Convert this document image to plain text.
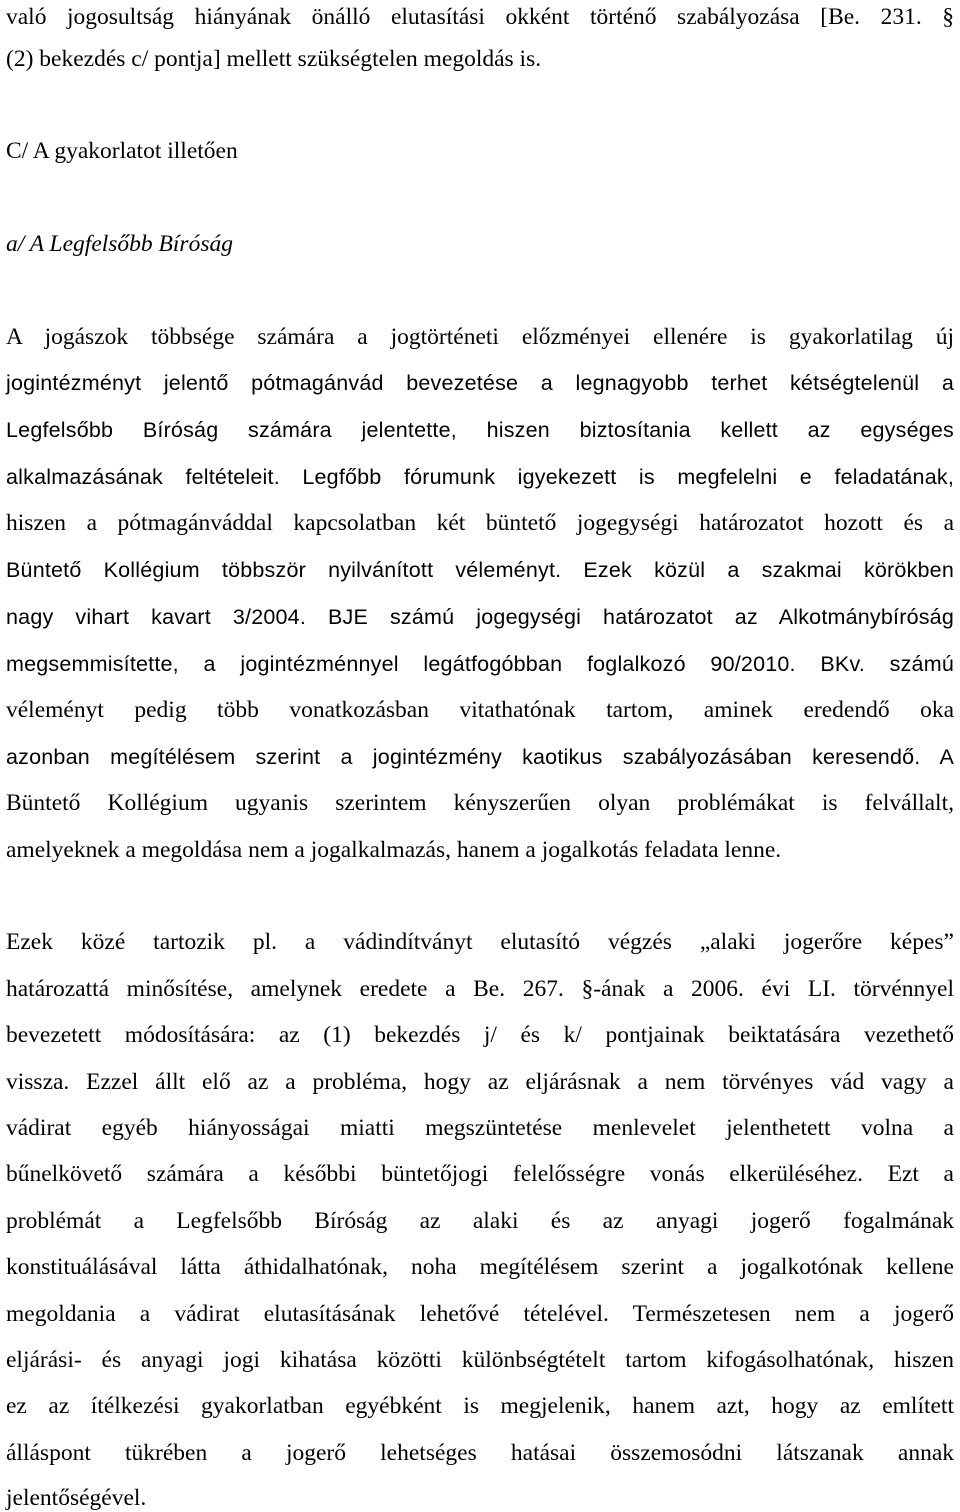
való jogosultság hiányának önálló elutasítási okként történő szabályozása [Be. 231. §
(2) bekezdés c/ pontja] mellett szükségtelen megoldás is.
C/ A gyakorlatot illetően
a/ A Legfelsőbb Bíróság
A jogászok többsége számára a jogtörténeti előzményei ellenére is gyakorlatilag új
jogintézményt jelentő pótmagánvád bevezetése a legnagyobb terhet kétségtelenül a
Legfelsőbb Bíróság számára jelentette, hiszen biztosítania kellett az egységes
alkalmazásának feltételeit. Legfőbb fórumunk igyekezett is megfelelni e feladatának,
hiszen a pótmagánváddal kapcsolatban két büntető jogegységi határozatot hozott és a
Büntető Kollégium többször nyilvánított véleményt. Ezek közül a szakmai körökben
nagy vihart kavart 3/2004. BJE számú jogegységi határozatot az Alkotmánybíróság
megsemmisítette, a jogintézménnyel legátfogóbban foglalkozó 90/2010. BKv. számú
véleményt pedig több vonatkozásban vitathatónak tartom, aminek eredendő oka
azonban megítélésem szerint a jogintézmény kaotikus szabályozásában keresendő. A
Büntető Kollégium ugyanis szerintem kényszerűen olyan problémákat is felvállalt,
amelyeknek a megoldása nem a jogalkalmazás, hanem a jogalkotás feladata lenne.
Ezek közé tartozik pl. a vádindítványt elutasító végzés „alaki jogerőre képes”
határozattá minősítése, amelynek eredete a Be. 267. §-ának a 2006. évi LI. törvénnyel
bevezetett módosítására: az (1) bekezdés j/ és k/ pontjainak beiktatására vezethető
vissza. Ezzel állt elő az a probléma, hogy az eljárásnak a nem törvényes vád vagy a
vádirat egyéb hiányosságai miatti megszüntetése menlevelet jelenthetett volna a
bűnelkövető számára a későbbi büntetőjogi felelősségre vonás elkerüléséhez. Ezt a
problémát a Legfelsőbb Bíróság az alaki és az anyagi jogerő fogalmának
konstituálásával látta áthidalhatónak, noha megítélésem szerint a jogalkotónak kellene
megoldania a vádirat elutasításának lehetővé tételével. Természetesen nem a jogerő
eljárási- és anyagi jogi kihatása közötti különbségtételt tartom kifogásolhatónak, hiszen
ez az ítélkezési gyakorlatban egyébként is megjelenik, hanem azt, hogy az említett
álláspont tükrében a jogerő lehetséges hatásai összemosódni látszanak annak
jelentőségével.
